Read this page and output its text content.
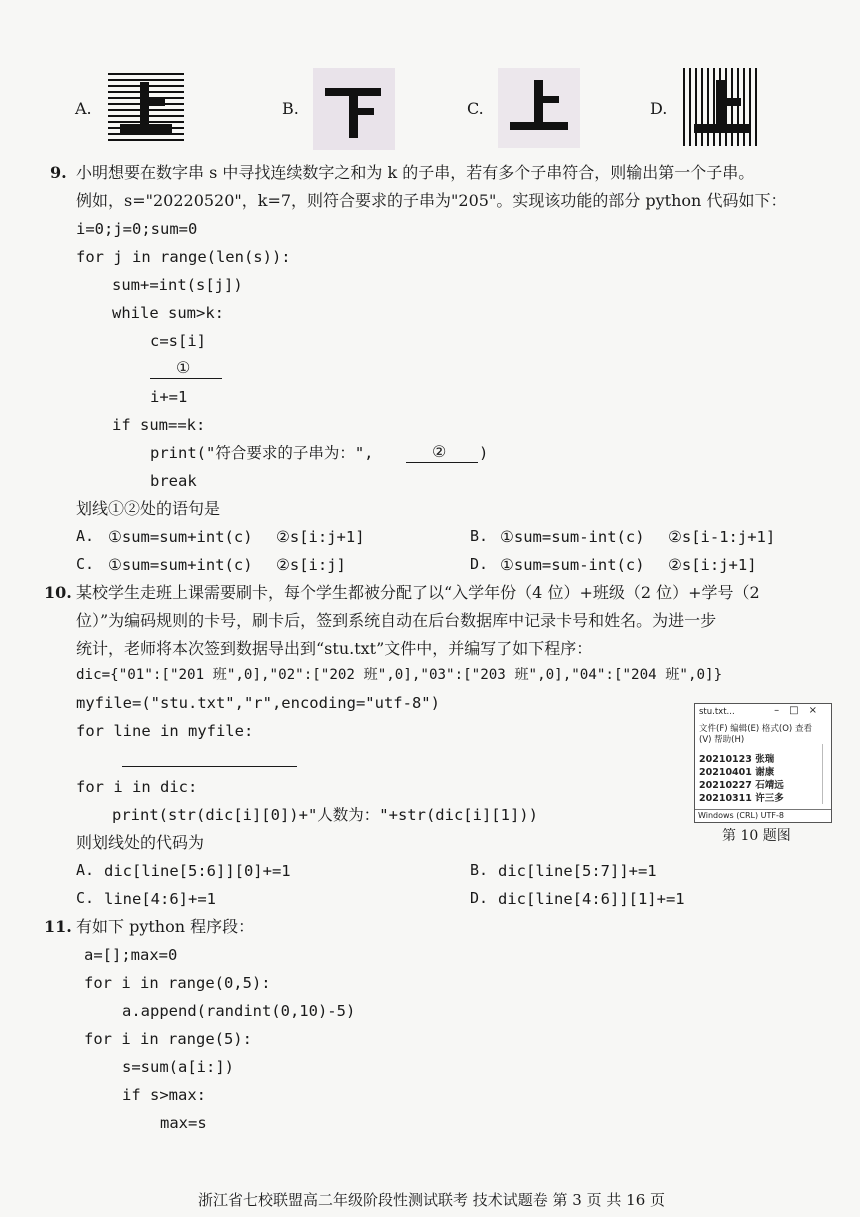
A.	B.	C.	D.
9. 小明想要在数字串 s 中寻找连续数字之和为 k 的子串，若有多个子串符合，则输出第一个子串。
例如，s="20220520"，k=7，则符合要求的子串为"205"。实现该功能的部分 python 代码如下：
i=0;j=0;sum=0
for j in range(len(s)):
sum+=int(s[j])
while sum>k:
c=s[i]
①
i+=1
if sum==k:
print("符合要求的子串为：",	② )
break
划线①②处的语句是
A. ①sum=sum+int(c) ②s[i:j+1]	B. ①sum=sum-int(c) ②s[i-1:j+1]
C. ①sum=sum+int(c) ②s[i:j]	D. ①sum=sum-int(c) ②s[i:j+1]
10. 某校学生走班上课需要刷卡，每个学生都被分配了以“入学年份（4 位）+班级（2 位）+学号（2
位）”为编码规则的卡号，刷卡后，签到系统自动在后台数据库中记录卡号和姓名。为进一步
统计，老师将本次签到数据导出到“stu.txt”文件中，并编写了如下程序：
dic={"01":["201 班",0],"02":["202 班",0],"03":["203 班",0],"04":["204 班",0]}
myfile=("stu.txt","r",encoding="utf-8")
for line in myfile:
for i in dic:
print(str(dic[i][0])+"人数为："+str(dic[i][1]))
则划线处的代码为
A. dic[line[5:6]][0]+=1	B. dic[line[5:7]]+=1
C. line[4:6]+=1	D. dic[line[4:6]][1]+=1
stu.txt...	–□×
文件(F) 编辑(E) 格式(O) 查看(V) 帮助(H)
20210123 张瑞
20210401 谢康
20210227 石靖远
20210311 许三多
Windows (CRL) UTF-8
第 10 题图
11. 有如下 python 程序段：
a=[];max=0
for i in range(0,5):
a.append(randint(0,10)-5)
for i in range(5):
s=sum(a[i:])
if s>max:
max=s
浙江省七校联盟高二年级阶段性测试联考 技术试题卷 第 3 页 共 16 页
